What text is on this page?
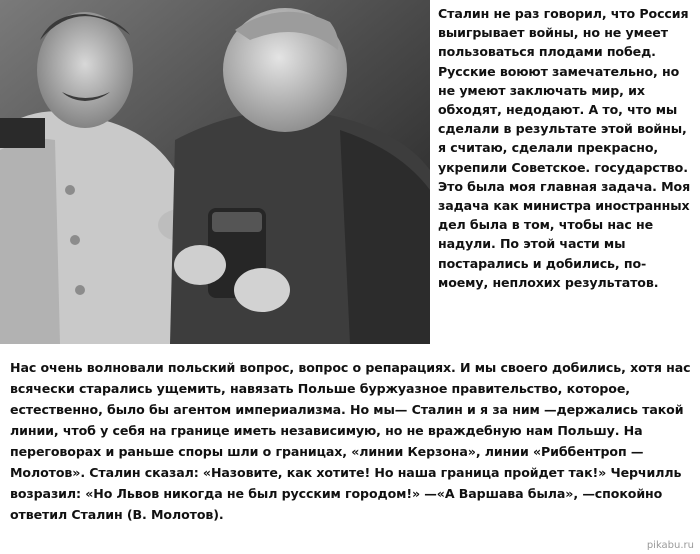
Сталин не раз говорил, что Россия
выигрывает войны, но не умеет
пользоваться плодами побед.
Русские воюют замечательно, но
не умеют заключать мир, их
обходят, недодают. А то, что мы
сделали в результате этой войны,
я считаю, сделали прекрасно,
укрепили Советское. государство.
Это была моя главная задача. Моя
задача как министра иностранных
дел была в том, чтобы нас не
надули. По этой части мы
постарались и добились, по-
моему, неплохих результатов.
Нас очень волновали польский вопрос, вопрос о репарациях. И мы своего добились, хотя нас
всячески старались ущемить, навязать Польше буржуазное правительство, которое,
естественно, было бы агентом империализма. Но мы— Сталин и я за ним —держались такой
линии, чтоб у себя на границе иметь независимую, но не враждебную нам Польшу. На
переговорах и раньше споры шли о границах, «линии Керзона», линии «Риббентроп —
Молотов». Сталин сказал: «Назовите, как хотите! Но наша граница пройдет так!» Черчилль
возразил: «Но Львов никогда не был русским городом!» —«А Варшава была», —спокойно
ответил Сталин (В. Молотов).
pikabu.ru
